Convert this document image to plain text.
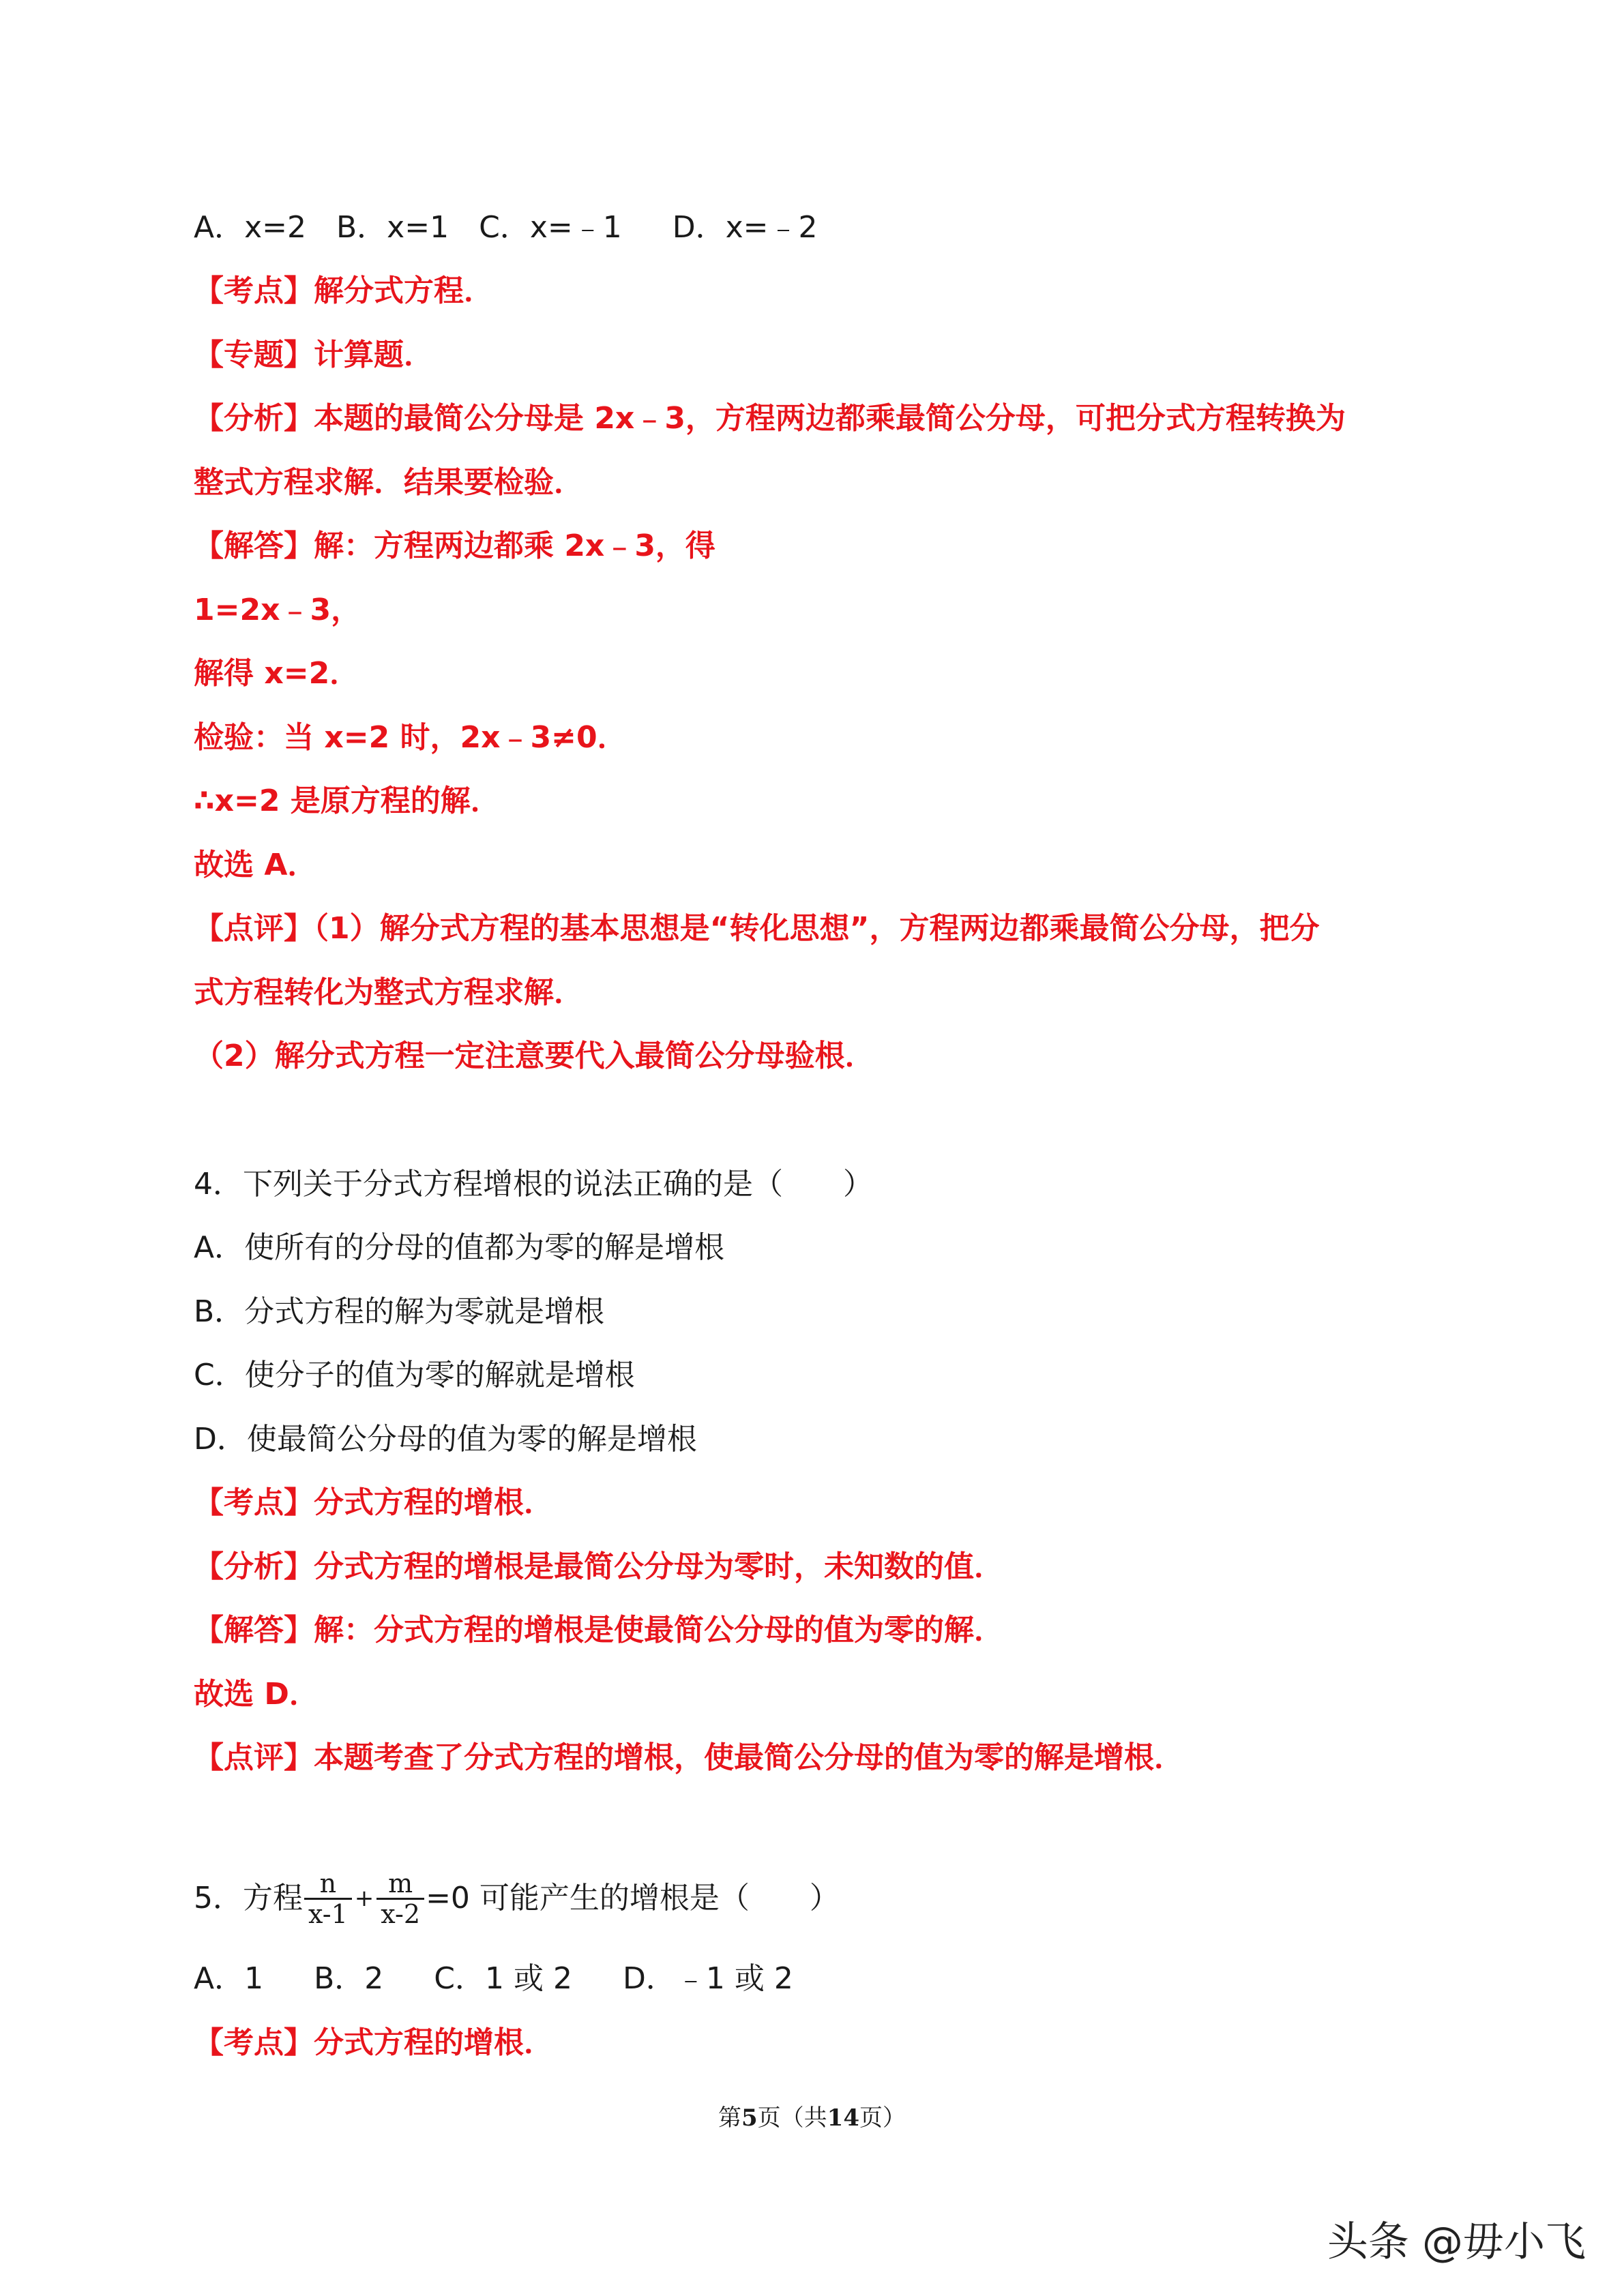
A．x=2 B．x=1 C．x=﹣1 D．x=﹣2
【考点】解分式方程．
【专题】计算题．
【分析】本题的最简公分母是 2x﹣3，方程两边都乘最简公分母，可把分式方程转换为
整式方程求解．结果要检验．
【解答】解：方程两边都乘 2x﹣3，得
1=2x﹣3，
解得 x=2．
检验：当 x=2 时，2x﹣3≠0．
∴x=2 是原方程的解．
故选 A．
【点评】（1）解分式方程的基本思想是“转化思想”，方程两边都乘最简公分母，把分
式方程转化为整式方程求解．
（2）解分式方程一定注意要代入最简公分母验根．
4．下列关于分式方程增根的说法正确的是（　　）
A．使所有的分母的值都为零的解是增根
B．分式方程的解为零就是增根
C．使分子的值为零的解就是增根
D．使最简公分母的值为零的解是增根
【考点】分式方程的增根．
【分析】分式方程的增根是最简公分母为零时，未知数的值．
【解答】解：分式方程的增根是使最简公分母的值为零的解．
故选 D．
【点评】本题考查了分式方程的增根，使最简公分母的值为零的解是增根．
5．方程 $\frac{n}{x-1} + \frac{m}{x-2} =0$ 可能产生的增根是（　　）
A．1 B．2 C．1 或 2 D．﹣1 或 2
【考点】分式方程的增根．
第5页（共14页）
头条 @毋小飞
